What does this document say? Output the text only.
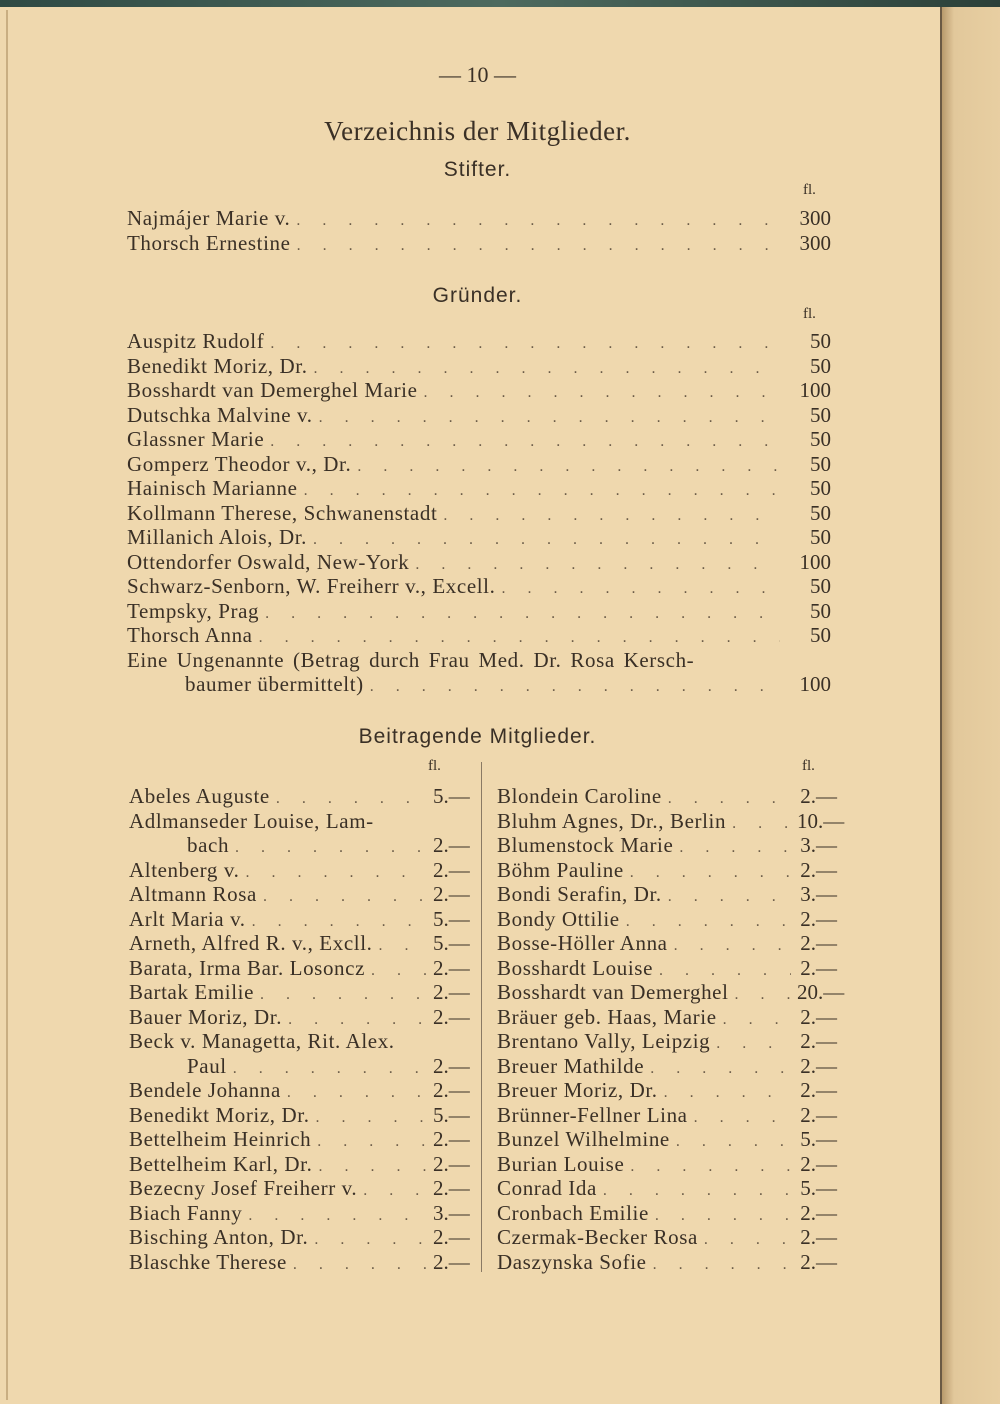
— 10 —
Verzeichnis der Mitglieder.
Stifter.
fl.
Najmájer Marie v. . . .	300
Thorsch Ernestine . . .	300
Gründer.
fl.
Auspitz Rudolf . . .	50
Benedikt Moriz, Dr. . . .	50
Bosshardt van Demerghel Marie . . .	100
Dutschka Malvine v. . . .	50
Glassner Marie . . .	50
Gomperz Theodor v., Dr. . . .	50
Hainisch Marianne . . .	50
Kollmann Therese, Schwanenstadt . . .	50
Millanich Alois, Dr. . . .	50
Ottendorfer Oswald, New-York . . .	100
Schwarz-Senborn, W. Freiherr v., Excell. . . .	50
Tempsky, Prag . . .	50
Thorsch Anna . . .	50
Eine Ungenannte (Betrag durch Frau Med. Dr. Rosa Kersch-
baumer übermittelt) . . .	100
Beitragende Mitglieder.
fl.	fl.
Abeles Auguste . . .	5.—
Adlmanseder Louise, Lam-
bach . . .	2.—
Altenberg v. . . .	2.—
Altmann Rosa . . .	2.—
Arlt Maria v. . . .	5.—
Arneth, Alfred R. v., Excll. . . .	5.—
Barata, Irma Bar. Losoncz . . .	2.—
Bartak Emilie . . .	2.—
Bauer Moriz, Dr. . . .	2.—
Beck v. Managetta, Rit. Alex.
Paul . . .	2.—
Bendele Johanna . . .	2.—
Benedikt Moriz, Dr. . . .	5.—
Bettelheim Heinrich . . .	2.—
Bettelheim Karl, Dr. . . .	2.—
Bezecny Josef Freiherr v. . . .	2.—
Biach Fanny . . .	3.—
Bisching Anton, Dr. . . .	2.—
Blaschke Therese . . .	2.—
Blondein Caroline . . .	2.—
Bluhm Agnes, Dr., Berlin . . .	10.—
Blumenstock Marie . . .	3.—
Böhm Pauline . . .	2.—
Bondi Serafin, Dr. . . .	3.—
Bondy Ottilie . . .	2.—
Bosse-Höller Anna . . .	2.—
Bosshardt Louise . . .	2.—
Bosshardt van Demerghel . . .	20.—
Bräuer geb. Haas, Marie . . .	2.—
Brentano Vally, Leipzig . . .	2.—
Breuer Mathilde . . .	2.—
Breuer Moriz, Dr. . . .	2.—
Brünner-Fellner Lina . . .	2.—
Bunzel Wilhelmine . . .	5.—
Burian Louise . . .	2.—
Conrad Ida . . .	5.—
Cronbach Emilie . . .	2.—
Czermak-Becker Rosa . . .	2.—
Daszynska Sofie . . .	2.—
